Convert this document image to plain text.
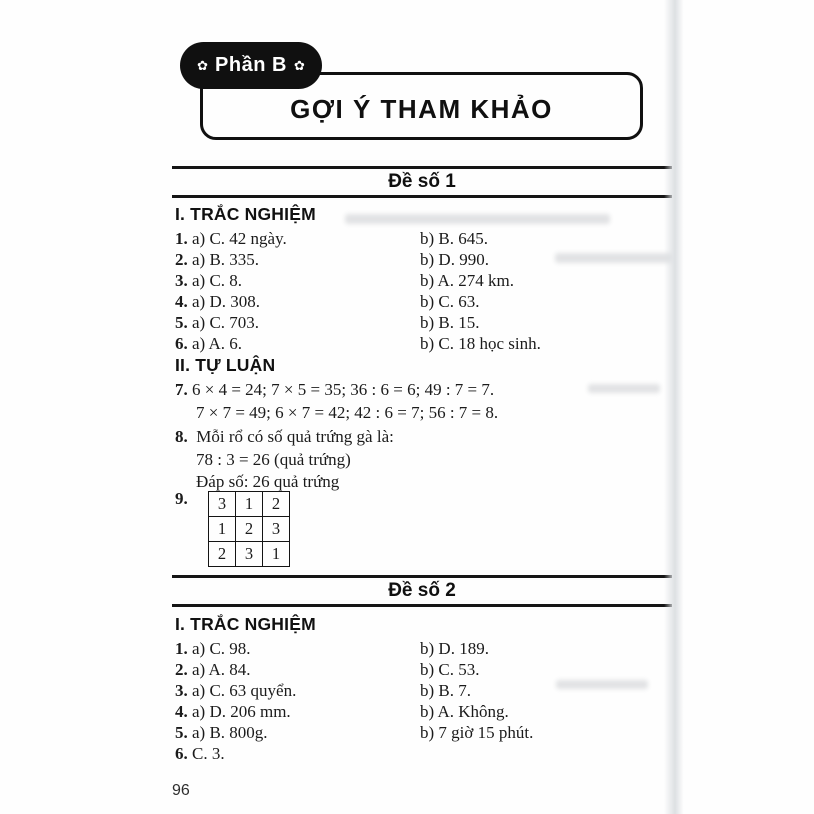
✿ Phần B ✿
GỢI Ý THAM KHẢO
Đề số 1
I. TRẮC NGHIỆM
1. a) C. 42 ngày.	b) B. 645.
2. a) B. 335.	b) D. 990.
3. a) C. 8.	b) A. 274 km.
4. a) D. 308.	b) C. 63.
5. a) C. 703.	b) B. 15.
6. a) A. 6.	b) C. 18 học sinh.
II. TỰ LUẬN
7. 6 × 4 = 24; 7 × 5 = 35; 36 : 6 = 6; 49 : 7 = 7.
7 × 7 = 49; 6 × 7 = 42; 42 : 6 = 7; 56 : 7 = 8.
8. Mỗi rổ có số quả trứng gà là:
78 : 3 = 26 (quả trứng)
Đáp số: 26 quả trứng
9.	3	1	2
1	2	3
2	3	1
Đề số 2
I. TRẮC NGHIỆM
1. a) C. 98.	b) D. 189.
2. a) A. 84.	b) C. 53.
3. a) C. 63 quyển.	b) B. 7.
4. a) D. 206 mm.	b) A. Không.
5. a) B. 800g.	b) 7 giờ 15 phút.
6. C. 3.
96
